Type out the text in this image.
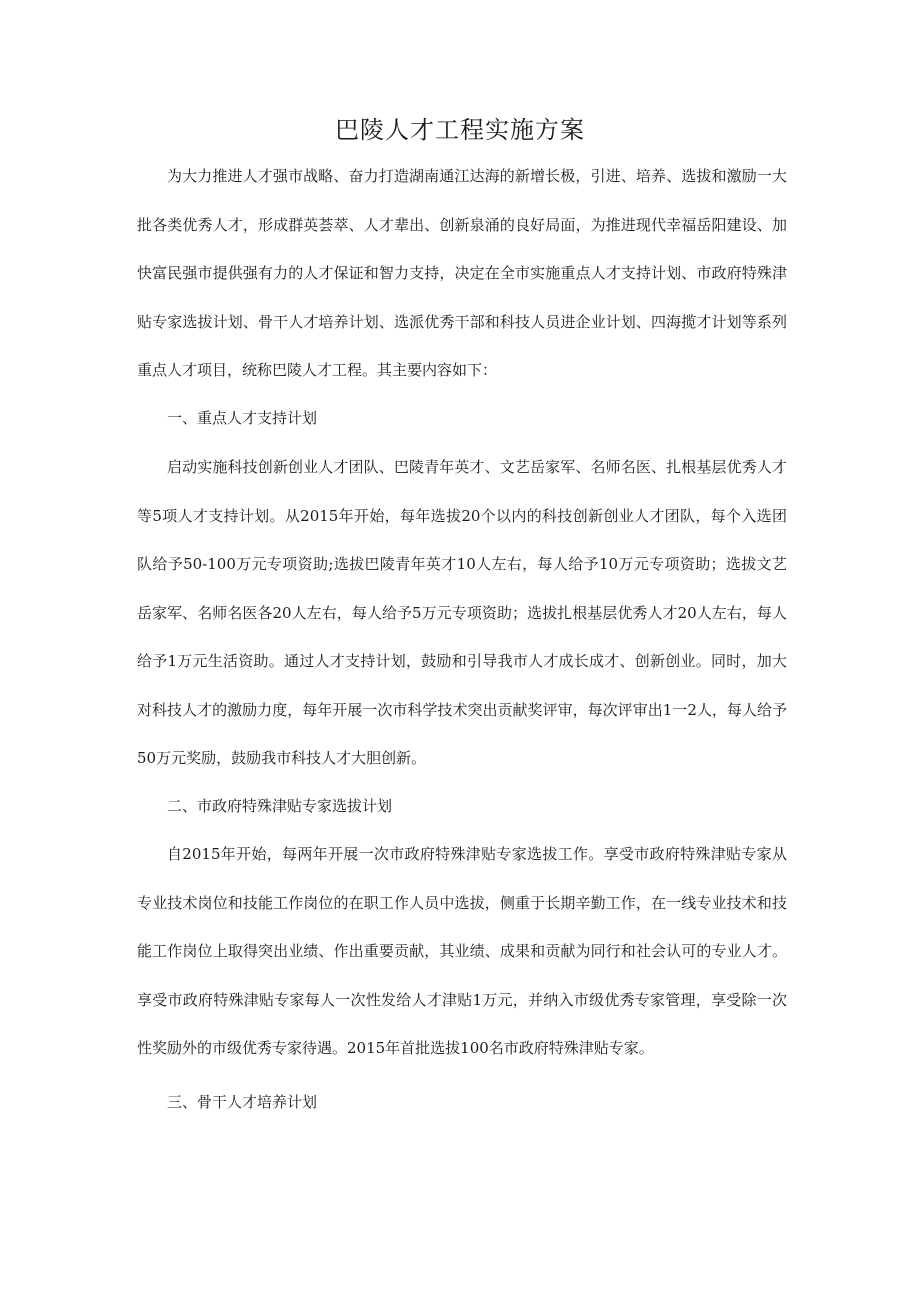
巴陵人才工程实施方案

为大力推进人才强市战略、奋力打造湖南通江达海的新增长极，引进、培养、选拔和激励一大批各类优秀人才，形成群英荟萃、人才辈出、创新泉涌的良好局面，为推进现代幸福岳阳建设、加快富民强市提供强有力的人才保证和智力支持，决定在全市实施重点人才支持计划、市政府特殊津贴专家选拔计划、骨干人才培养计划、选派优秀干部和科技人员进企业计划、四海揽才计划等系列重点人才项目，统称巴陵人才工程。其主要内容如下：

一、重点人才支持计划

启动实施科技创新创业人才团队、巴陵青年英才、文艺岳家军、名师名医、扎根基层优秀人才等5项人才支持计划。从2015年开始，每年选拔20个以内的科技创新创业人才团队，每个入选团队给予50-100万元专项资助;选拔巴陵青年英才10人左右，每人给予10万元专项资助；选拔文艺岳家军、名师名医各20人左右，每人给予5万元专项资助；选拔扎根基层优秀人才20人左右，每人给予1万元生活资助。通过人才支持计划，鼓励和引导我市人才成长成才、创新创业。同时，加大对科技人才的激励力度，每年开展一次市科学技术突出贡献奖评审，每次评审出1一2人，每人给予50万元奖励，鼓励我市科技人才大胆创新。

二、市政府特殊津贴专家选拔计划

自2015年开始，每两年开展一次市政府特殊津贴专家选拔工作。享受市政府特殊津贴专家从专业技术岗位和技能工作岗位的在职工作人员中选拔，侧重于长期辛勤工作，在一线专业技术和技能工作岗位上取得突出业绩、作出重要贡献，其业绩、成果和贡献为同行和社会认可的专业人才。享受市政府特殊津贴专家每人一次性发给人才津贴1万元，并纳入市级优秀专家管理，享受除一次性奖励外的市级优秀专家待遇。2015年首批选拔100名市政府特殊津贴专家。

三、骨干人才培养计划
